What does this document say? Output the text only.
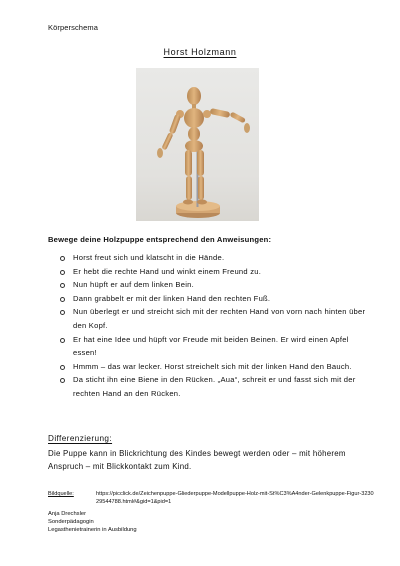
Körperschema
Horst Holzmann
Bewege deine Holzpuppe entsprechend den Anweisungen:
Horst freut sich und klatscht in die Hände.
Er hebt die rechte Hand und winkt einem Freund zu.
Nun hüpft er auf dem linken Bein.
Dann grabbelt er mit der linken Hand den rechten Fuß.
Nun überlegt er und streicht sich mit der rechten Hand von vorn nach hinten über den Kopf.
Er hat eine Idee und hüpft vor Freude mit beiden Beinen. Er wird einen Apfel essen!
Hmmm – das war lecker. Horst streichelt sich mit der linken Hand den Bauch.
Da sticht ihn eine Biene in den Rücken. „Aua“, schreit er und fasst sich mit der rechten Hand an den Rücken.
Differenzierung:
Die Puppe kann in Blickrichtung des Kindes bewegt werden oder – mit höherem Anspruch – mit Blickkontakt zum Kind.
Bildquelle:	https://picclick.de/Zeichenpuppe-Gliederpuppe-Modellpuppe-Holz-mit-St%C3%A4nder-Gelenkpuppe-Figur-323029544788.html#&gid=1&pid=1
Anja Drechsler
Sonderpädagogin
Legasthenietrainerin in Ausbildung
